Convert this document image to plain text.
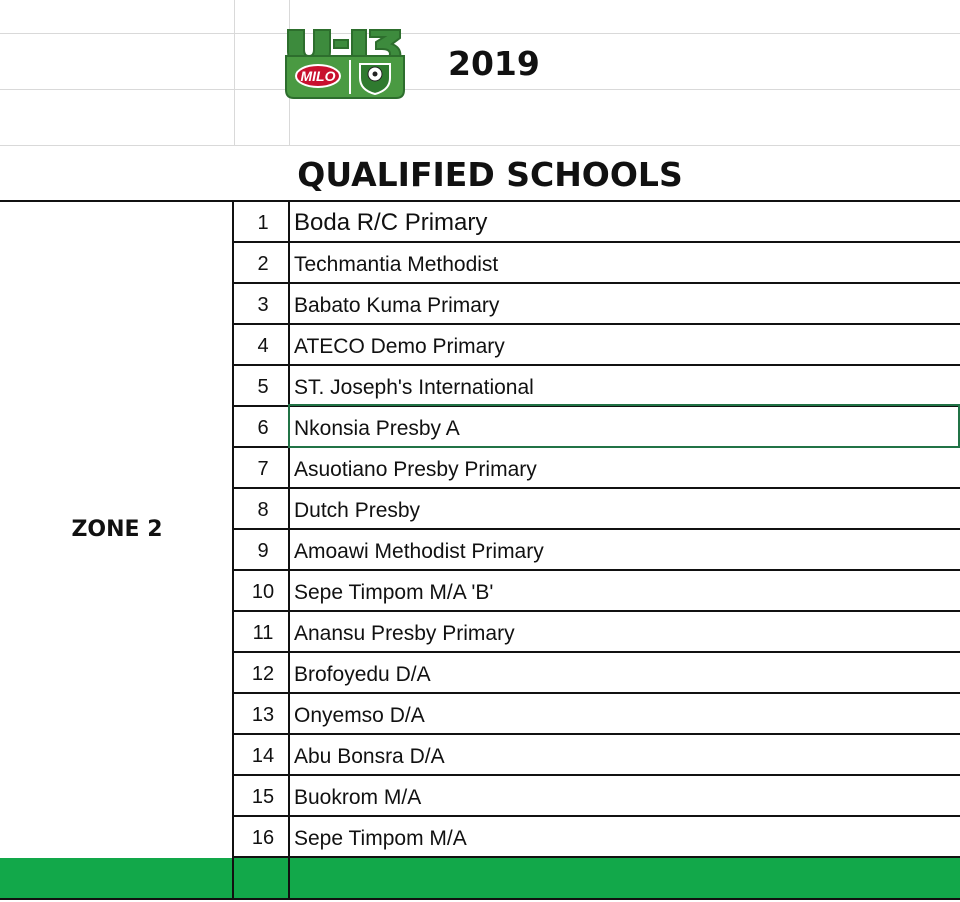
MILO	2019
QUALIFIED SCHOOLS
ZONE 2
1	Boda R/C Primary
2	Techmantia Methodist
3	Babato Kuma Primary
4	ATECO Demo Primary
5	ST. Joseph's International
6	Nkonsia Presby A
7	Asuotiano Presby Primary
8	Dutch Presby
9	Amoawi Methodist Primary
10 Sepe Timpom M/A 'B'
11 Anansu Presby Primary
12 Brofoyedu D/A
13 Onyemso D/A
14 Abu Bonsra D/A
15 Buokrom M/A
16 Sepe Timpom M/A
